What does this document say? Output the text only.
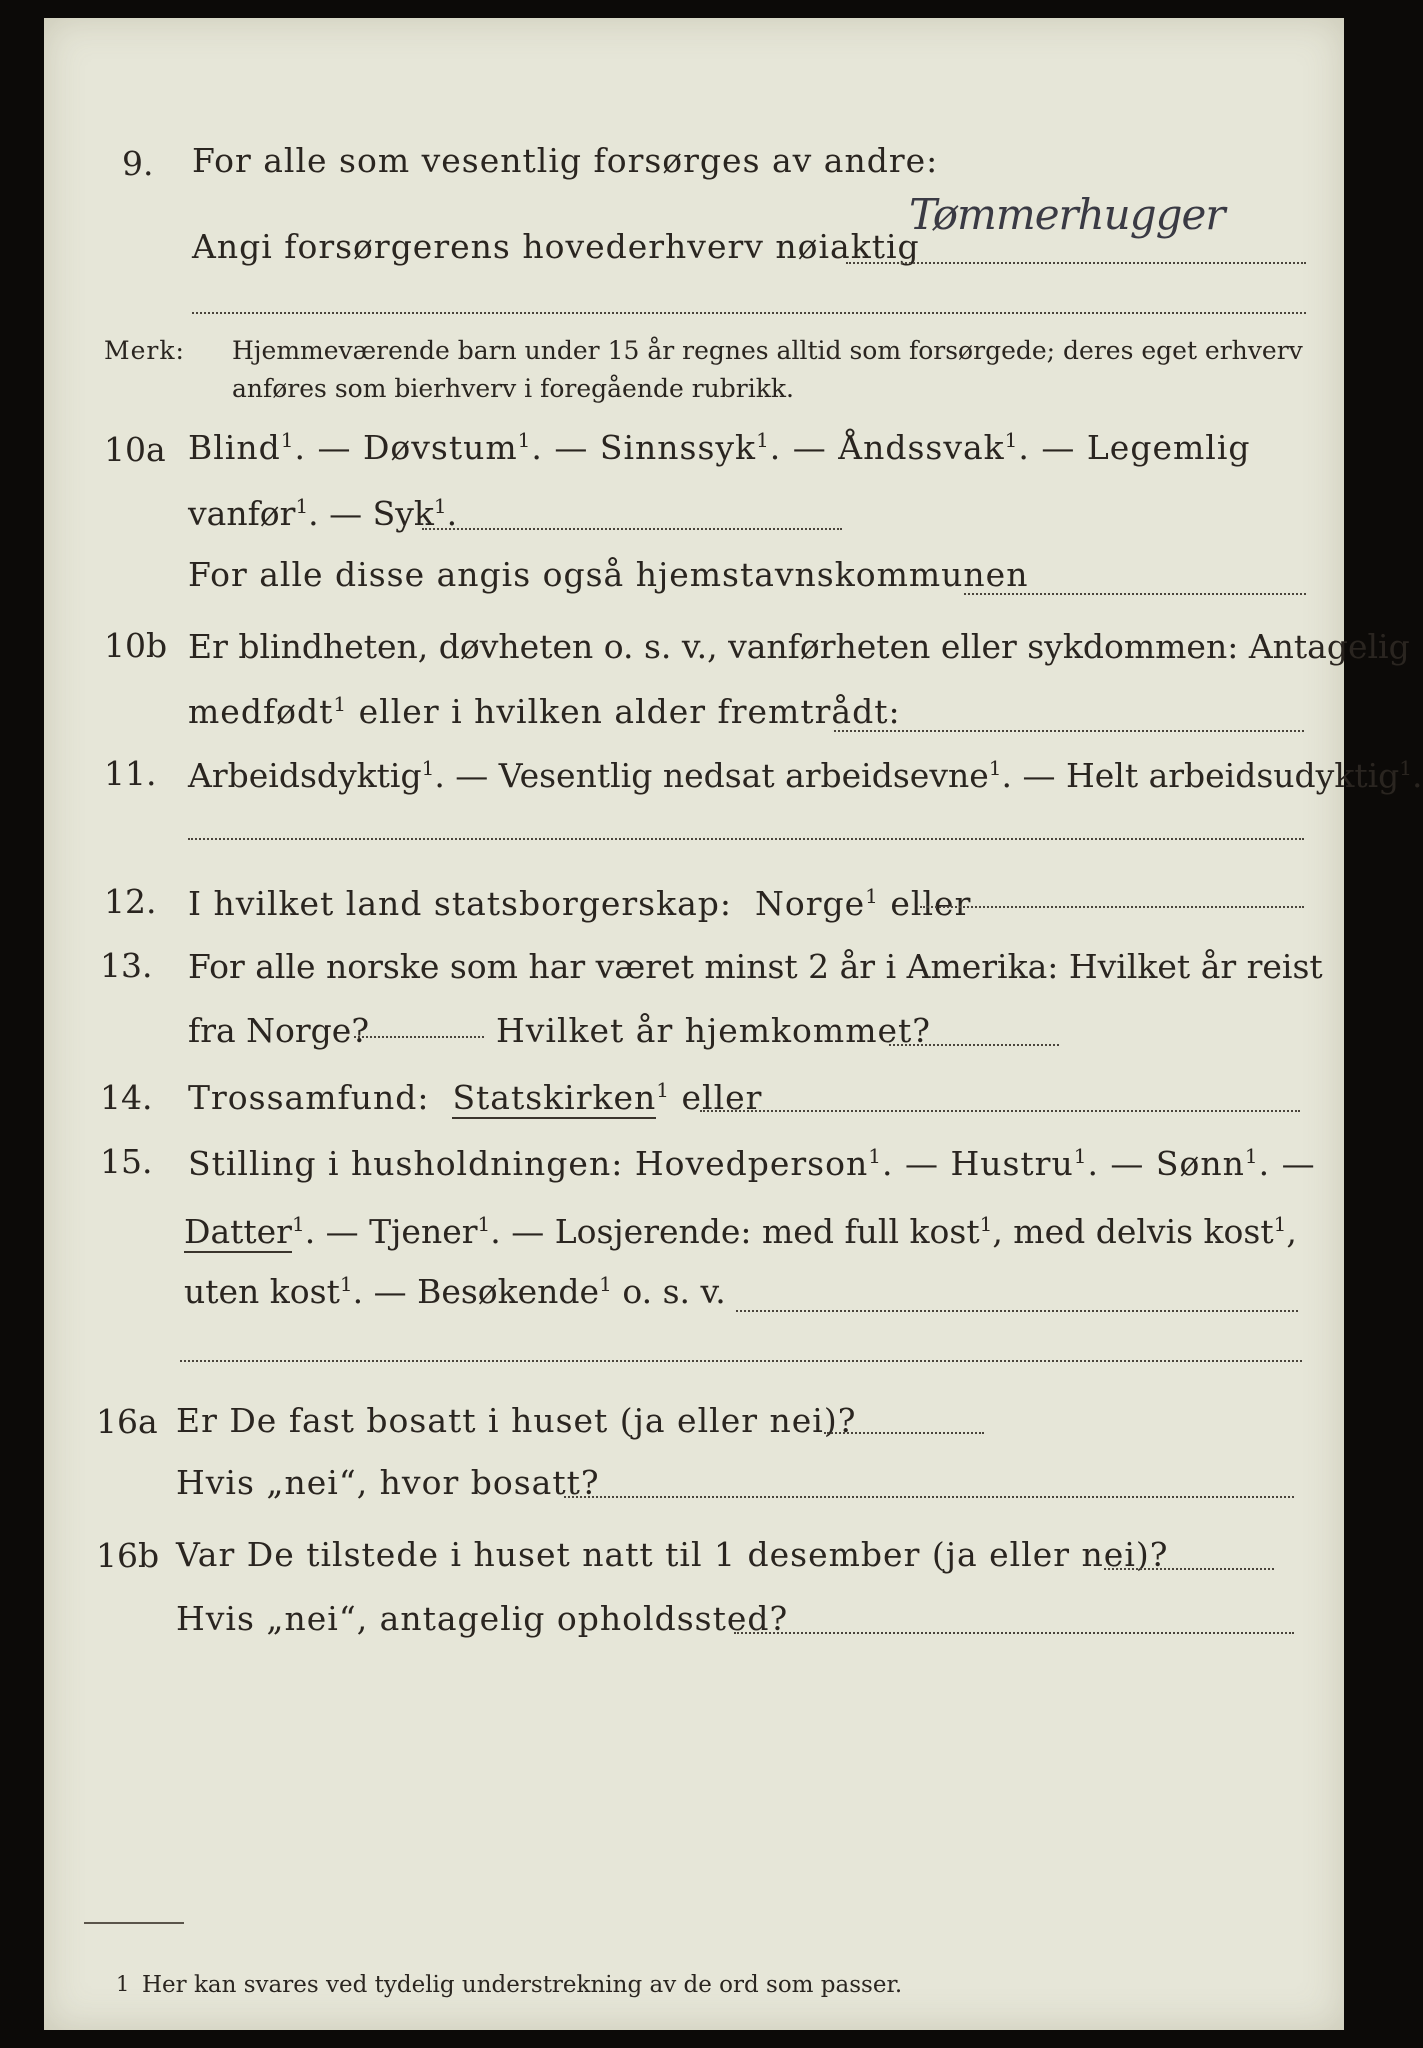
9. For alle som vesentlig forsørges av andre:
Angi forsørgerens hovederhverv nøiaktig
Tømmerhugger
Merk: Hjemmeværende barn under 15 år regnes alltid som forsørgede; deres eget erhverv
anføres som bierhverv i foregående rubrikk.
10a Blind$^1$. — Døvstum$^1$. — Sinnssyk$^1$. — Åndssvak$^1$. — Legemlig
vanfør$^1$. — Syk$^1$.
For alle disse angis også hjemstavnskommunen
10b Er blindheten, døvheten o. s. v., vanførheten eller sykdommen: Antagelig
medfødt$^1$ eller i hvilken alder fremtrådt:
11. Arbeidsdyktig$^1$. — Vesentlig nedsat arbeidsevne$^1$. — Helt arbeidsudyktig$^1$.
12. I hvilket land statsborgerskap: Norge$^1$ eller
13. For alle norske som har været minst 2 år i Amerika: Hvilket år reist
fra Norge?	Hvilket år hjemkommet?
14. Trossamfund: Statskirken$^1$ eller
15. Stilling i husholdningen: Hovedperson$^1$. — Hustru$^1$. — Sønn$^1$. —
Datter$^1$. — Tjener$^1$. — Losjerende: med full kost$^1$, med delvis kost$^1$,
uten kost$^1$. — Besøkende$^1$ o. s. v.
16a Er De fast bosatt i huset (ja eller nei)?
Hvis „nei“, hvor bosatt?
16b Var De tilstede i huset natt til 1 desember (ja eller nei)?
Hvis „nei“, antagelig opholdssted?
1 Her kan svares ved tydelig understrekning av de ord som passer.
